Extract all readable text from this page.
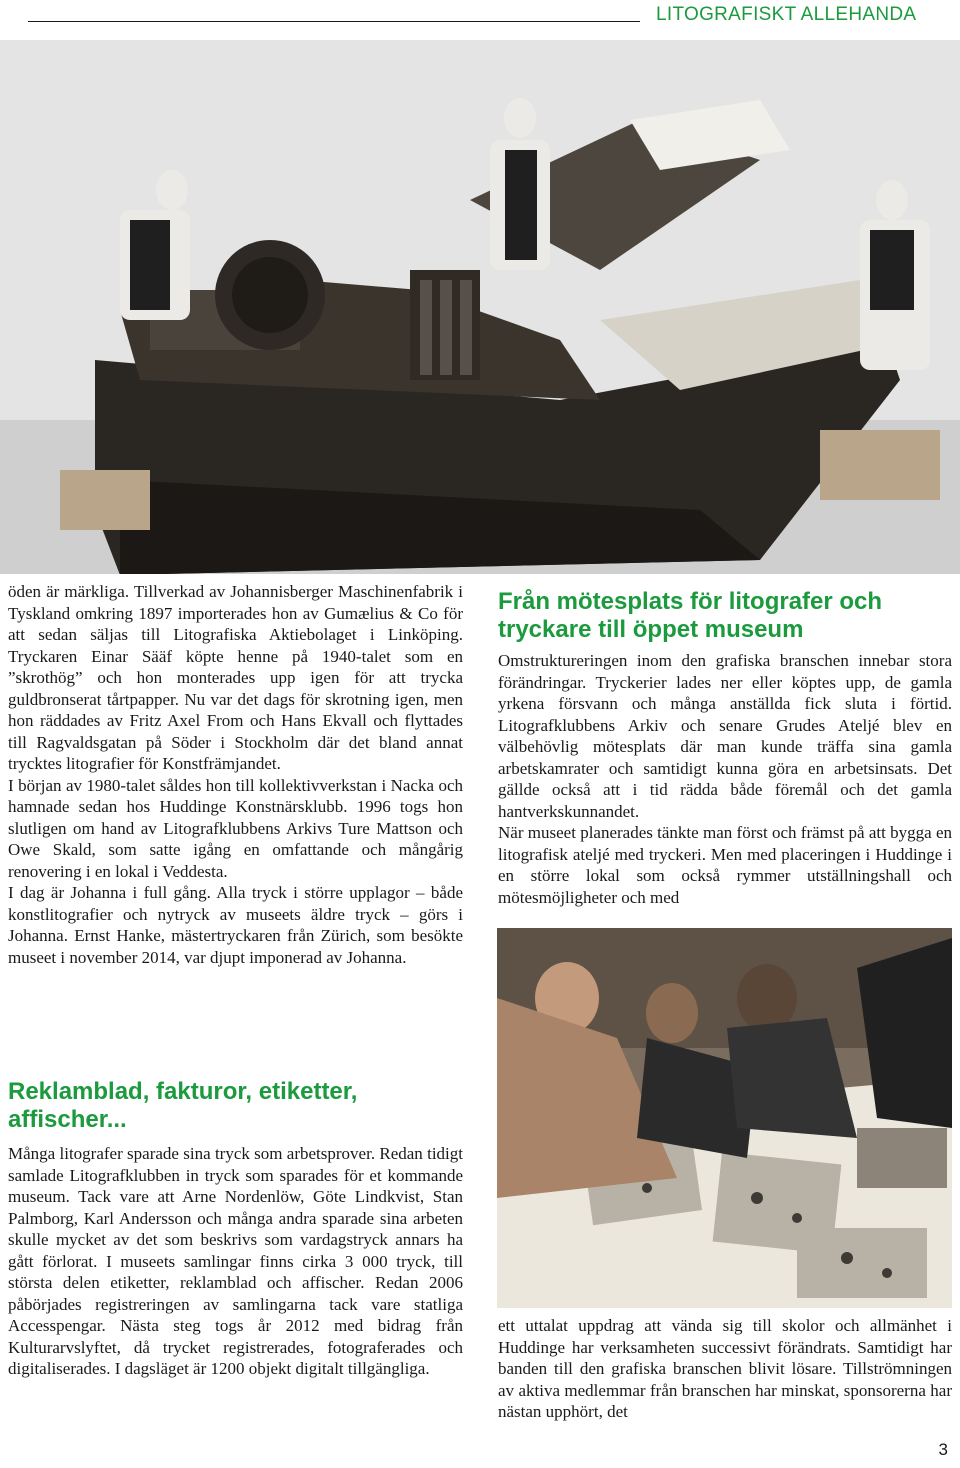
LITOGRAFISKT ALLEHANDA

öden är märkliga. Tillverkad av Johannisberger Maschinenfabrik i Tyskland omkring 1897 importerades hon av Gumælius & Co för att sedan säljas till Litografiska Aktiebolaget i Linköping. Tryckaren Einar Sääf köpte henne på 1940-talet som en ”skrothög” och hon monterades upp igen för att trycka guldbronserat tårtpapper. Nu var det dags för skrotning igen, men hon räddades av Fritz Axel From och Hans Ekvall och flyttades till Ragvaldsgatan på Söder i Stockholm där det bland annat trycktes litografier för Konstfrämjandet.

I början av 1980-talet såldes hon till kollektivverkstan i Nacka och hamnade sedan hos Huddinge Konstnärsklubb. 1996 togs hon slutligen om hand av Litografklubbens Arkivs Ture Mattson och Owe Skald, som satte igång en omfattande och mångårig renovering i en lokal i Veddesta.

I dag är Johanna i full gång. Alla tryck i större upplagor – både konstlitografier och nytryck av museets äldre tryck – görs i Johanna. Ernst Hanke, mästertryckaren från Zürich, som besökte museet i november 2014, var djupt imponerad av Johanna.

Reklamblad, fakturor, etiketter, affischer...

Många litografer sparade sina tryck som arbetsprover. Redan tidigt samlade Litografklubben in tryck som sparades för et kommande museum. Tack vare att Arne Nordenlöw, Göte Lindkvist, Stan Palmborg, Karl Andersson och många andra sparade sina arbeten skulle mycket av det som beskrivs som vardagstryck annars ha gått förlorat. I museets samlingar finns cirka 3 000 tryck, till största delen etiketter, reklamblad och affischer. Redan 2006 påbörjades registreringen av samlingarna tack vare statliga Accesspengar. Nästa steg togs år 2012 med bidrag från Kulturarvslyftet, då trycket registrerades, fotograferades och digitaliserades. I dagsläget är 1200 objekt digitalt tillgängliga.

Från mötesplats för litografer och tryckare till öppet museum

Omstruktureringen inom den grafiska branschen innebar stora förändringar. Tryckerier lades ner eller köptes upp, de gamla yrkena försvann och många anställda fick sluta i förtid. Litografklubbens Arkiv och senare Grudes Ateljé blev en välbehövlig mötesplats där man kunde träffa sina gamla arbetskamrater och samtidigt kunna göra en arbetsinsats. Det gällde också att i tid rädda både föremål och det gamla hantverkskunnandet.

När museet planerades tänkte man först och främst på att bygga en litografisk ateljé med tryckeri. Men med placeringen i Huddinge i en större lokal som också rymmer utställningshall och mötesmöjligheter och med

ett uttalat uppdrag att vända sig till skolor och allmänhet i Huddinge har verksamheten successivt förändrats. Samtidigt har banden till den grafiska branschen blivit lösare. Tillströmningen av aktiva medlemmar från branschen har minskat, sponsorerna har nästan upphört, det

3
